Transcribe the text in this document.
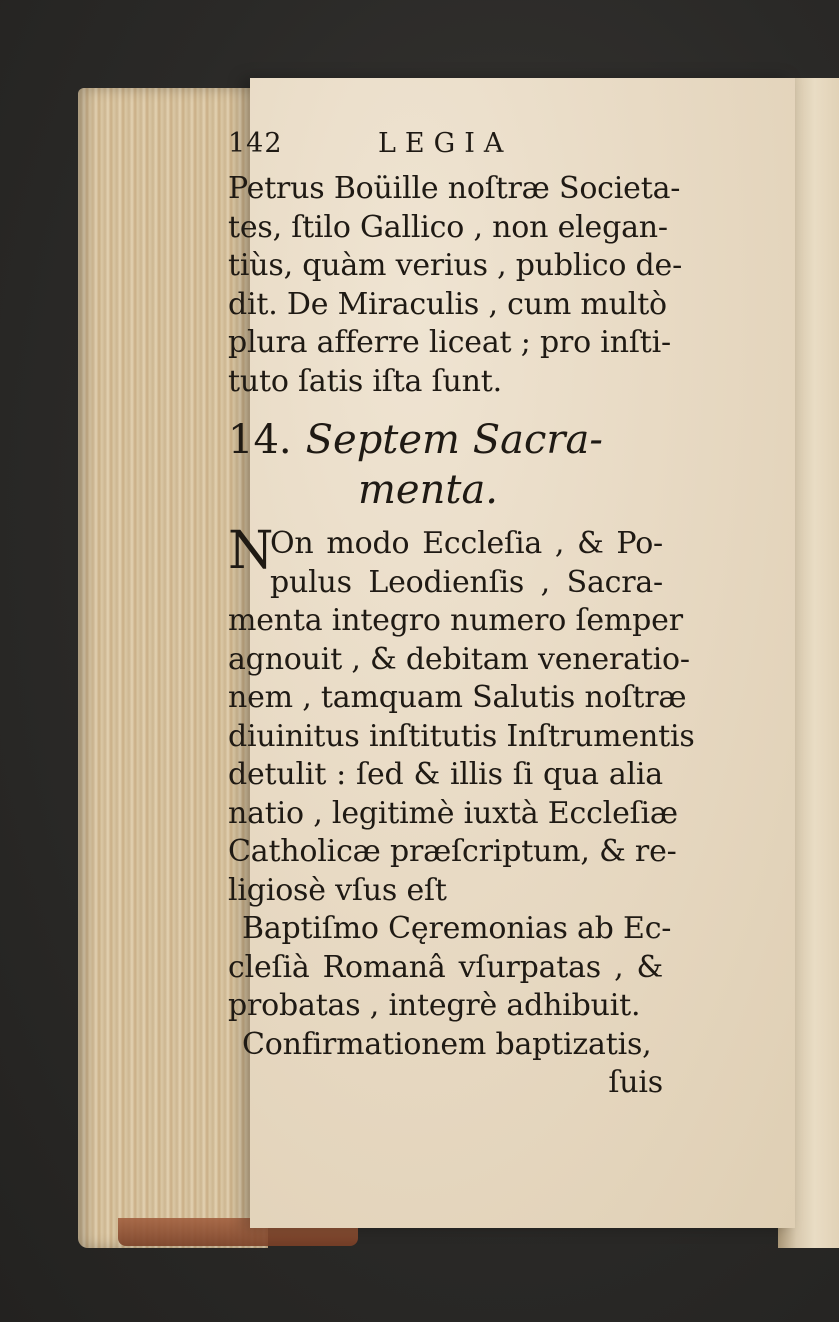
142	LEGIA
Petrus Boüille noſtræ Societa-
tes, ſtilo Gallico , non elegan-
tiùs, quàm verius , publico de-
dit. De Miraculis , cum multò
plura afferre liceat ; pro inſti-
tuto ſatis iſta ſunt.
14. Septem Sacra-
menta.
N
On modo Eccleſia , & Po-
pulus Leodienſis , Sacra-
menta integro numero ſemper
agnouit , & debitam veneratio-
nem , tamquam Salutis noſtræ
diuinitus inſtitutis Inſtrumentis
detulit : ſed & illis ſi qua alia
natio , legitimè iuxtà Eccleſiæ
Catholicæ præſcriptum, & re-
ligiosè vſus eſt
Baptiſmo Cęremonias ab Ec-
cleſià Romanâ vſurpatas , &
probatas , integrè adhibuit.
Confirmationem baptizatis,
ſuis
